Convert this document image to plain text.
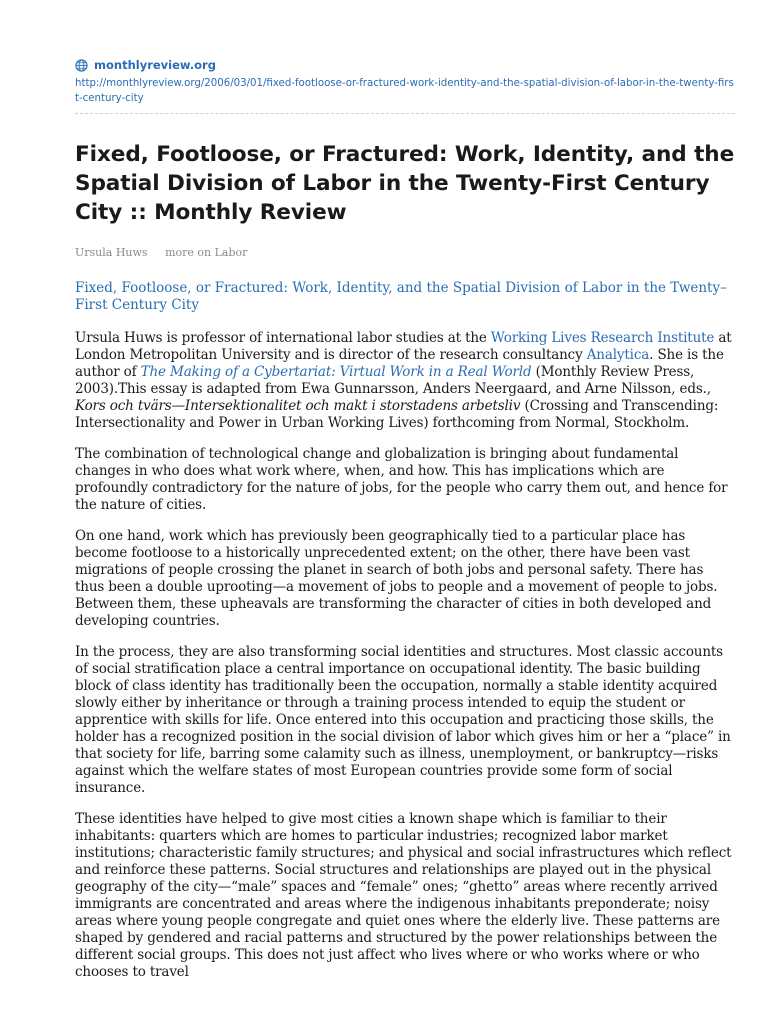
monthlyreview.org
http://monthlyreview.org/2006/03/01/fixed-footloose-or-fractured-work-identity-and-the-spatial-division-of-labor-in-the-twenty-first-century-city
Fixed, Footloose, or Fractured: Work, Identity, and the Spatial Division of Labor in the Twenty-First Century City :: Monthly Review
Ursula Huws more on Labor
Fixed, Footloose, or Fractured: Work, Identity, and the Spatial Division of Labor in the Twenty–First Century City

Ursula Huws is professor of international labor studies at the Working Lives Research Institute at London Metropolitan University and is director of the research consultancy Analytica. She is the author of The Making of a Cybertariat: Virtual Work in a Real World (Monthly Review Press, 2003).This essay is adapted from Ewa Gunnarsson, Anders Neergaard, and Arne Nilsson, eds., Kors och tvärs—Intersektionalitet och makt i storstadens arbetsliv (Crossing and Transcending: Intersectionality and Power in Urban Working Lives) forthcoming from Normal, Stockholm.

The combination of technological change and globalization is bringing about fundamental changes in who does what work where, when, and how. This has implications which are profoundly contradictory for the nature of jobs, for the people who carry them out, and hence for the nature of cities.

On one hand, work which has previously been geographically tied to a particular place has become footloose to a historically unprecedented extent; on the other, there have been vast migrations of people crossing the planet in search of both jobs and personal safety. There has thus been a double uprooting—a movement of jobs to people and a movement of people to jobs. Between them, these upheavals are transforming the character of cities in both developed and developing countries.

In the process, they are also transforming social identities and structures. Most classic accounts of social stratification place a central importance on occupational identity. The basic building block of class identity has traditionally been the occupation, normally a stable identity acquired slowly either by inheritance or through a training process intended to equip the student or apprentice with skills for life. Once entered into this occupation and practicing those skills, the holder has a recognized position in the social division of labor which gives him or her a “place” in that society for life, barring some calamity such as illness, unemployment, or bankruptcy—risks against which the welfare states of most European countries provide some form of social insurance.

These identities have helped to give most cities a known shape which is familiar to their inhabitants: quarters which are homes to particular industries; recognized labor market institutions; characteristic family structures; and physical and social infrastructures which reflect and reinforce these patterns. Social structures and relationships are played out in the physical geography of the city—“male” spaces and “female” ones; “ghetto” areas where recently arrived immigrants are concentrated and areas where the indigenous inhabitants preponderate; noisy areas where young people congregate and quiet ones where the elderly live. These patterns are shaped by gendered and racial patterns and structured by the power relationships between the different social groups. This does not just affect who lives where or who works where or who chooses to travel
